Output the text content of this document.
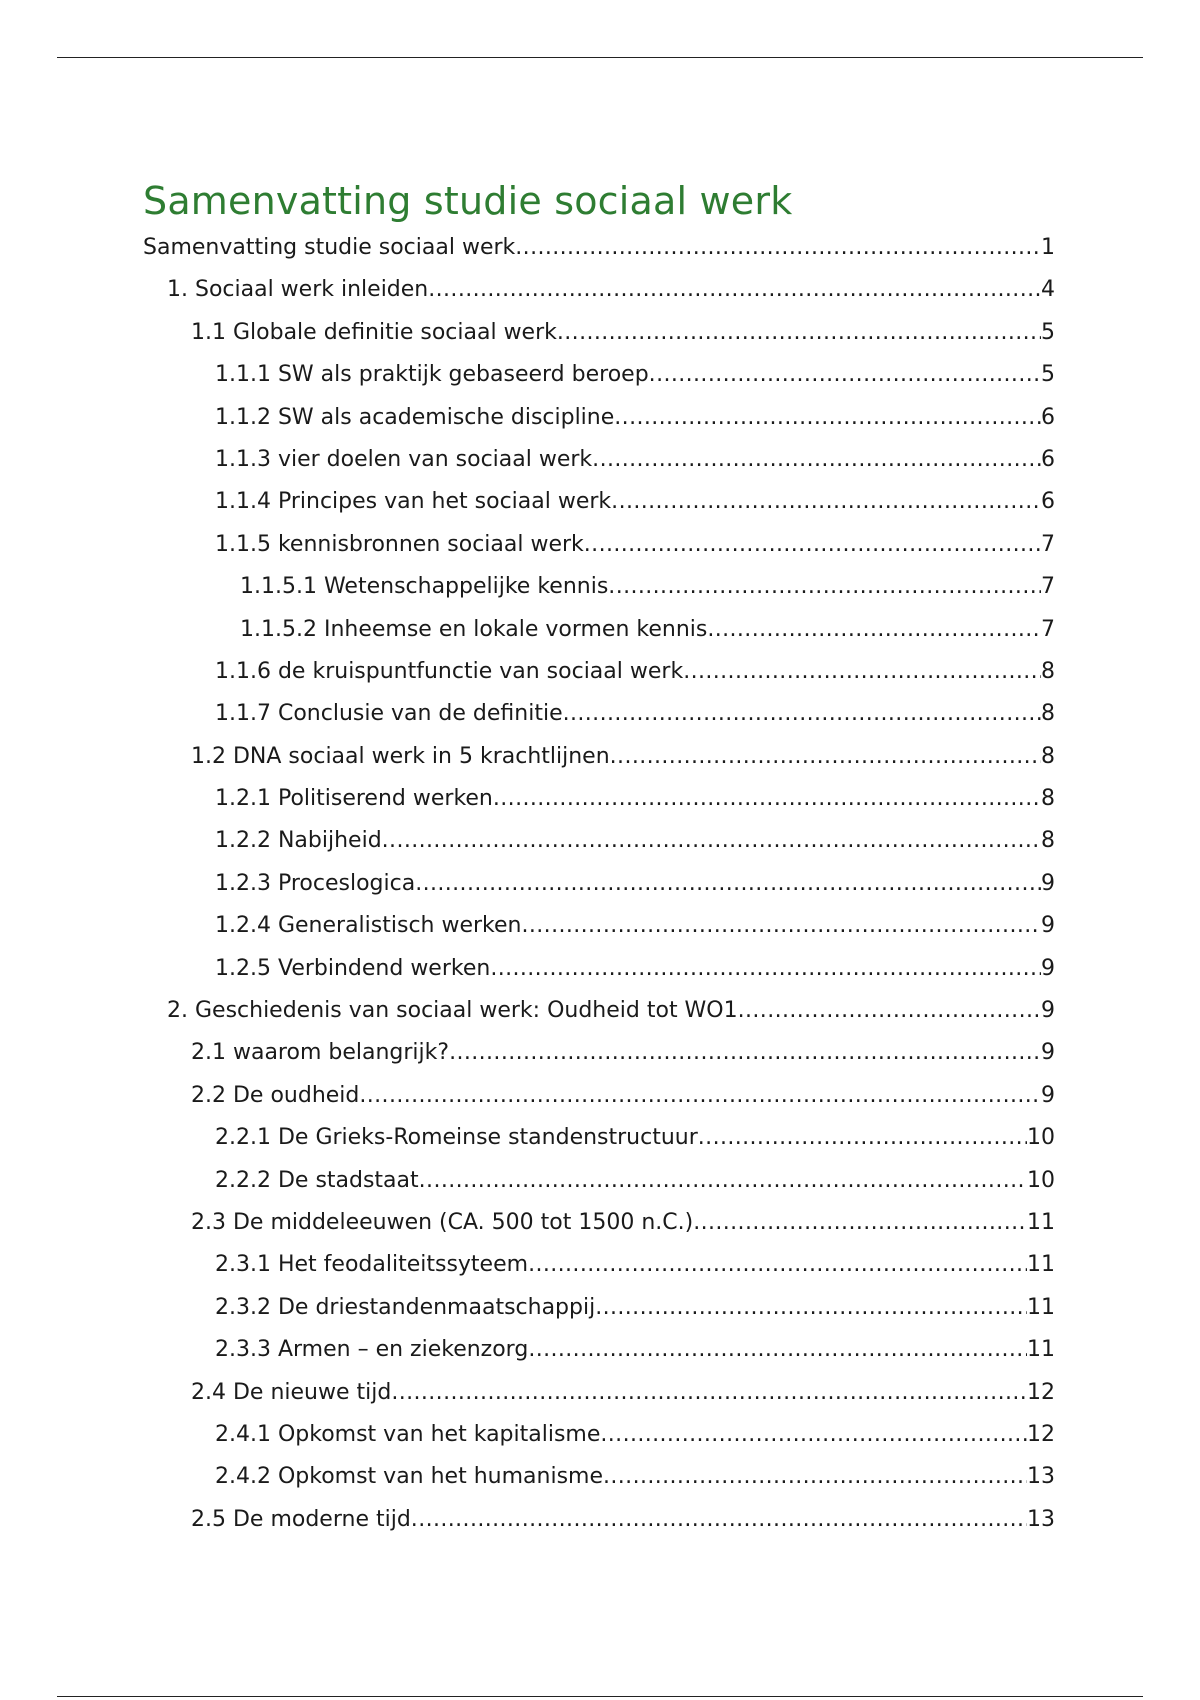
Samenvatting studie sociaal werk
Samenvatting studie sociaal werk .....	1
1. Sociaal werk inleiden .....	4
1.1 Globale definitie sociaal werk .....	5
1.1.1 SW als praktijk gebaseerd beroep .....	5
1.1.2 SW als academische discipline .....	6
1.1.3 vier doelen van sociaal werk .....	6
1.1.4 Principes van het sociaal werk .....	6
1.1.5 kennisbronnen sociaal werk .....	7
1.1.5.1 Wetenschappelijke kennis .....	7
1.1.5.2 Inheemse en lokale vormen kennis .....	7
1.1.6 de kruispuntfunctie van sociaal werk .....	8
1.1.7 Conclusie van de definitie .....	8
1.2 DNA sociaal werk in 5 krachtlijnen .....	8
1.2.1 Politiserend werken .....	8
1.2.2 Nabijheid .....	8
1.2.3 Proceslogica .....	9
1.2.4 Generalistisch werken .....	9
1.2.5 Verbindend werken .....	9
2. Geschiedenis van sociaal werk: Oudheid tot WO1 .....	9
2.1 waarom belangrijk? .....	9
2.2 De oudheid .....	9
2.2.1 De Grieks-Romeinse standenstructuur .....	10
2.2.2 De stadstaat .....	10
2.3 De middeleeuwen (CA. 500 tot 1500 n.C.) .....	11
2.3.1 Het feodaliteitssyteem .....	11
2.3.2 De driestandenmaatschappij .....	11
2.3.3 Armen – en ziekenzorg .....	11
2.4 De nieuwe tijd .....	12
2.4.1 Opkomst van het kapitalisme .....	12
2.4.2 Opkomst van het humanisme .....	13
2.5 De moderne tijd .....	13
